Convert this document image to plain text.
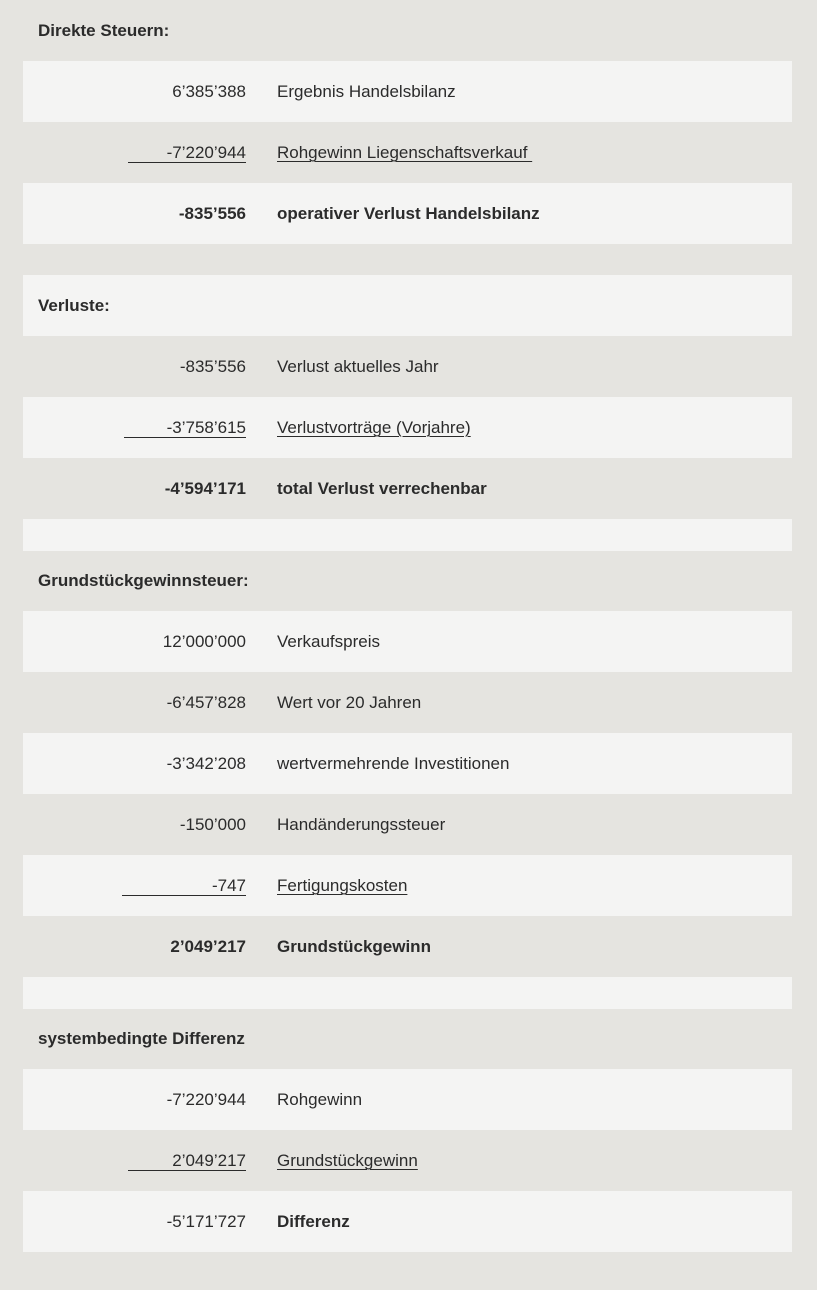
Direkte Steuern:
6’385’388 Ergebnis Handelsbilanz
-7’220’944 Rohgewinn Liegenschaftsverkauf
-835’556 operativer Verlust Handelsbilanz
Verluste:
-835’556 Verlust aktuelles Jahr
-3’758’615 Verlustvorträge (Vorjahre)
-4’594’171 total Verlust verrechenbar
Grundstückgewinnsteuer:
12’000’000 Verkaufspreis
-6’457’828 Wert vor 20 Jahren
-3’342’208 wertvermehrende Investitionen
-150’000 Handänderungssteuer
-747 Fertigungskosten
2’049’217 Grundstückgewinn
systembedingte Differenz
-7’220’944 Rohgewinn
2’049’217 Grundstückgewinn
-5’171’727 Differenz
